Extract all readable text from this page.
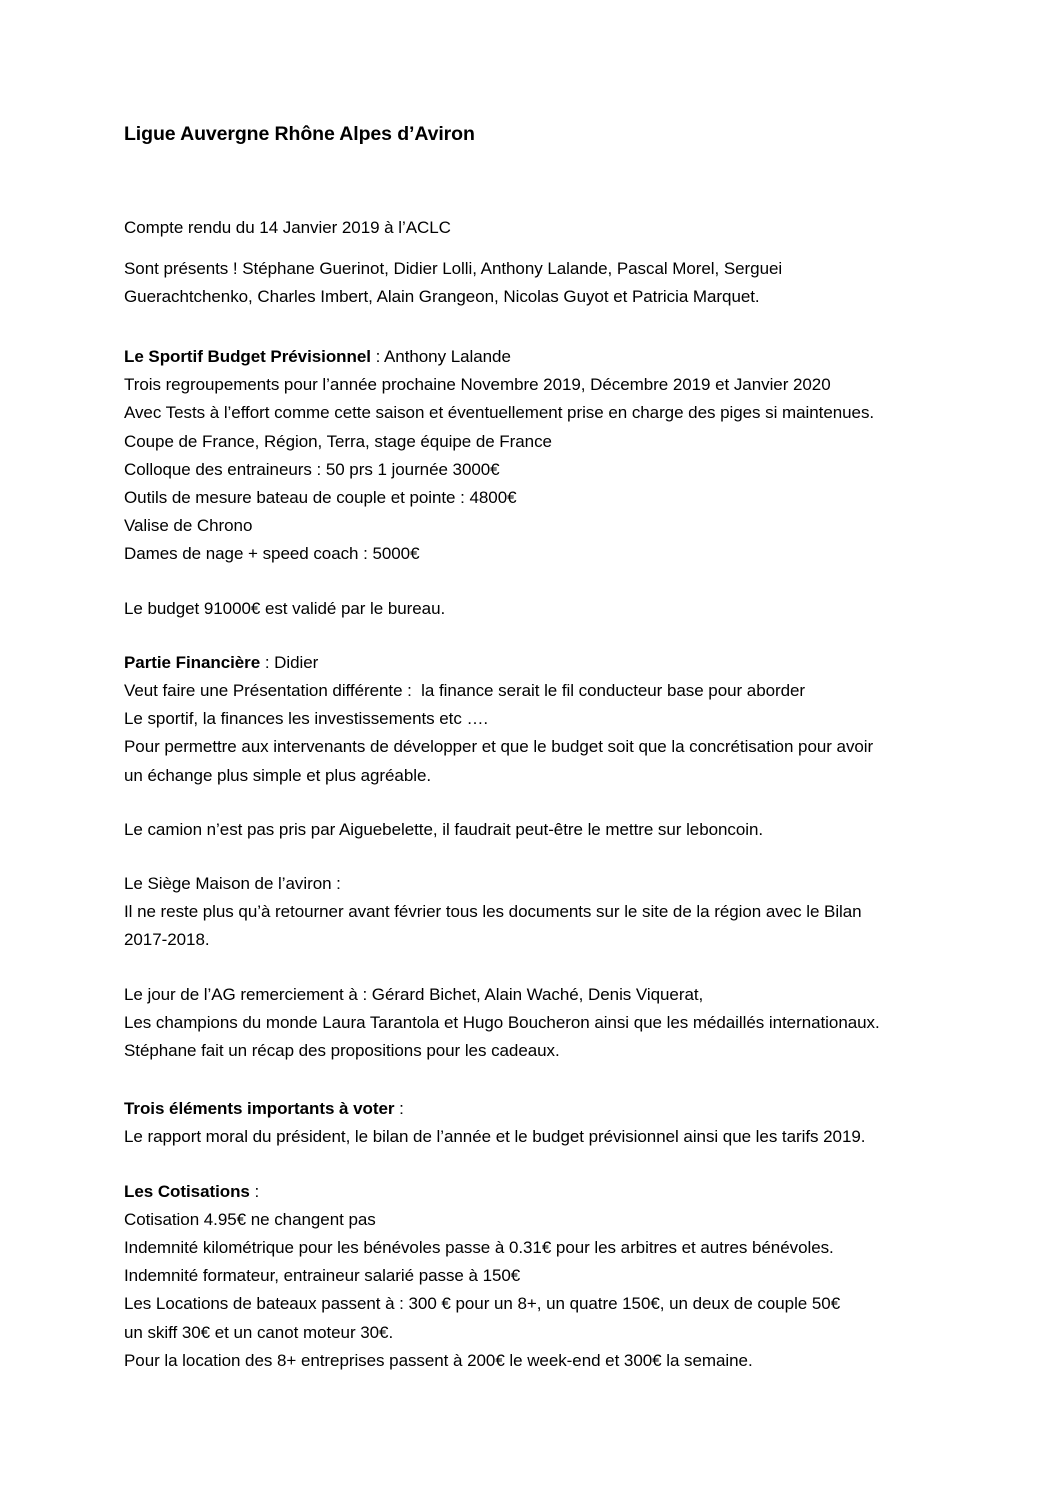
Ligue Auvergne Rhône Alpes d’Aviron

Compte rendu du 14 Janvier 2019 à l’ACLC

Sont présents ! Stéphane Guerinot, Didier Lolli, Anthony Lalande, Pascal Morel, Serguei

Guerachtchenko, Charles Imbert, Alain Grangeon, Nicolas Guyot et Patricia Marquet.

Le Sportif Budget Prévisionnel : Anthony Lalande

Trois regroupements pour l’année prochaine Novembre 2019, Décembre 2019 et Janvier 2020

Avec Tests à l’effort comme cette saison et éventuellement prise en charge des piges si maintenues.

Coupe de France, Région, Terra, stage équipe de France

Colloque des entraineurs : 50 prs 1 journée 3000€

Outils de mesure bateau de couple et pointe : 4800€

Valise de Chrono

Dames de nage + speed coach : 5000€

Le budget 91000€ est validé par le bureau.

Partie Financière : Didier

Veut faire une Présentation différente :  la finance serait le fil conducteur base pour aborder

Le sportif, la finances les investissements etc ….

Pour permettre aux intervenants de développer et que le budget soit que la concrétisation pour avoir

un échange plus simple et plus agréable.

Le camion n’est pas pris par Aiguebelette, il faudrait peut-être le mettre sur leboncoin.

Le Siège Maison de l’aviron :

Il ne reste plus qu’à retourner avant février tous les documents sur le site de la région avec le Bilan

2017-2018.

Le jour de l’AG remerciement à : Gérard Bichet, Alain Waché, Denis Viquerat,

Les champions du monde Laura Tarantola et Hugo Boucheron ainsi que les médaillés internationaux.

Stéphane fait un récap des propositions pour les cadeaux.

Trois éléments importants à voter :

Le rapport moral du président, le bilan de l’année et le budget prévisionnel ainsi que les tarifs 2019.

Les Cotisations :

Cotisation 4.95€ ne changent pas

Indemnité kilométrique pour les bénévoles passe à 0.31€ pour les arbitres et autres bénévoles.

Indemnité formateur, entraineur salarié passe à 150€

Les Locations de bateaux passent à : 300 € pour un 8+, un quatre 150€, un deux de couple 50€

un skiff 30€ et un canot moteur 30€.

Pour la location des 8+ entreprises passent à 200€ le week-end et 300€ la semaine.
